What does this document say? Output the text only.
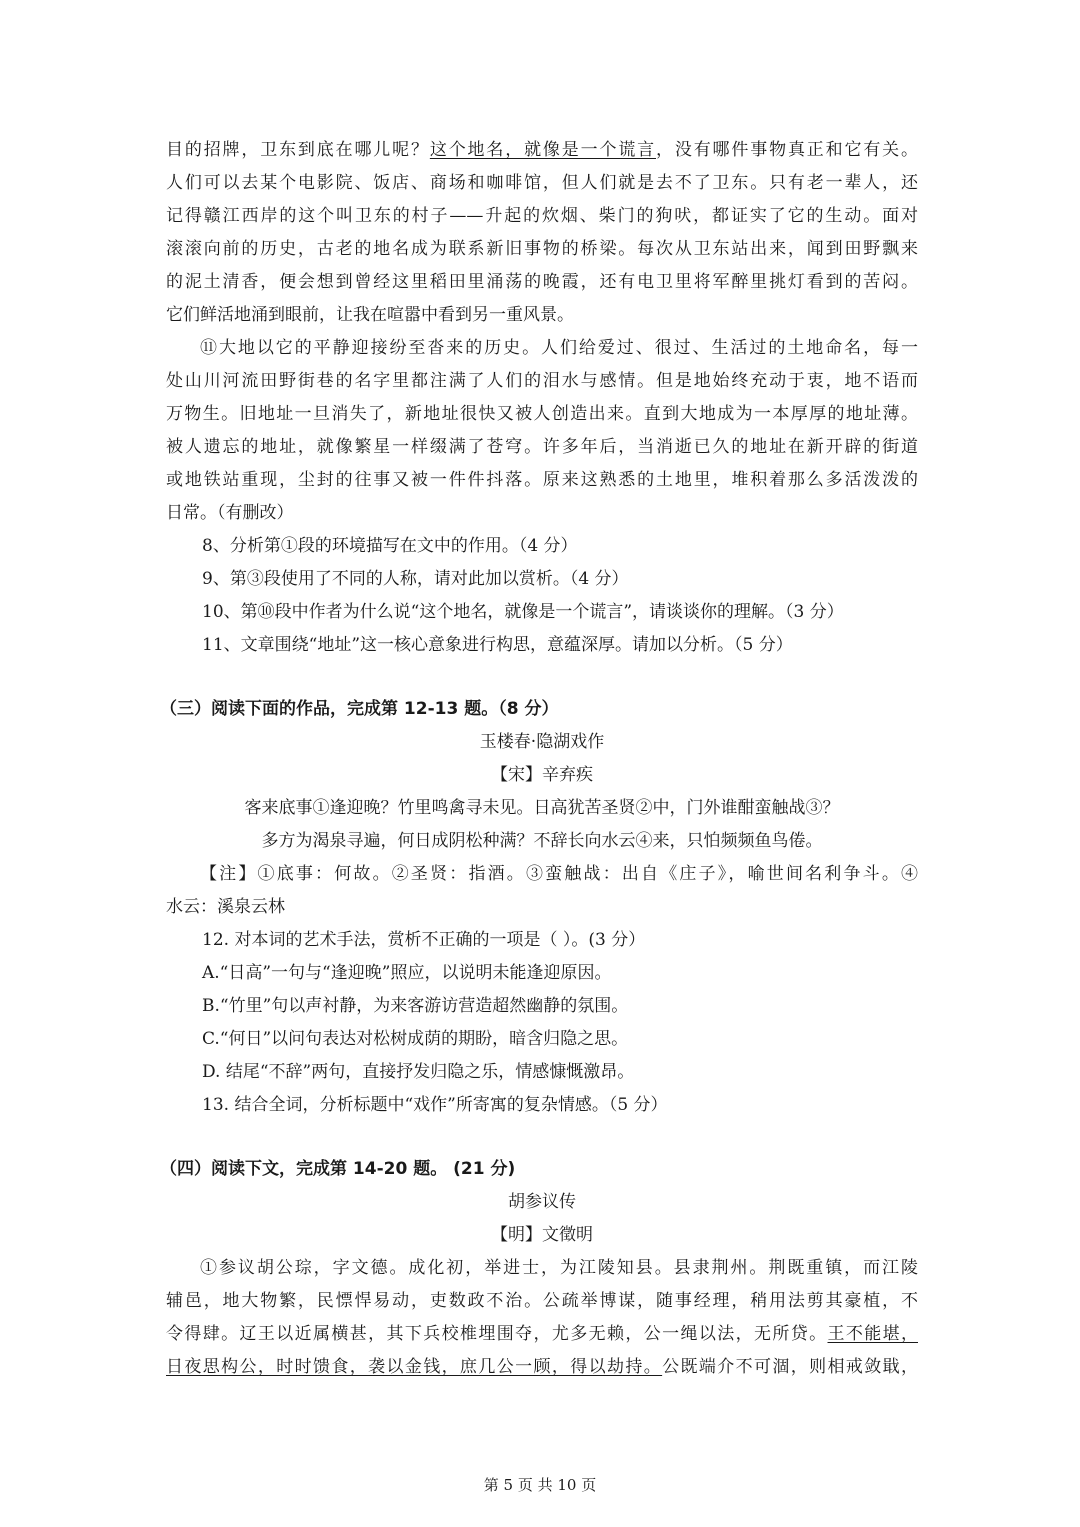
目的招牌，卫东到底在哪儿呢？这个地名，就像是一个谎言，没有哪件事物真正和它有关。
人们可以去某个电影院、饭店、商场和咖啡馆，但人们就是去不了卫东。只有老一辈人，还
记得赣江西岸的这个叫卫东的村子——升起的炊烟、柴门的狗吠，都证实了它的生动。面对
滚滚向前的历史，古老的地名成为联系新旧事物的桥梁。每次从卫东站出来，闻到田野飘来
的泥土清香，便会想到曾经这里稻田里涌荡的晚霞，还有电卫里将军醉里挑灯看到的苦闷。
它们鲜活地涌到眼前，让我在喧嚣中看到另一重风景。
⑪大地以它的平静迎接纷至沓来的历史。人们给爱过、很过、生活过的土地命名，每一
处山川河流田野街巷的名字里都注满了人们的泪水与感情。但是地始终充动于衷，地不语而
万物生。旧地址一旦消失了，新地址很快又被人创造出来。直到大地成为一本厚厚的地址薄。
被人遗忘的地址，就像繁星一样缀满了苍穹。许多年后，当消逝已久的地址在新开辟的街道
或地铁站重现，尘封的往事又被一件件抖落。原来这熟悉的土地里，堆积着那么多活泼泼的
日常。（有删改）
8、分析第①段的环境描写在文中的作用。（4 分）
9、第③段使用了不同的人称，请对此加以赏析。（4 分）
10、第⑩段中作者为什么说“这个地名，就像是一个谎言”，请谈谈你的理解。（3 分）
11、文章围绕“地址”这一核心意象进行构思，意蕴深厚。请加以分析。（5 分）
（三）阅读下面的作品，完成第 12-13 题。（8 分）
玉楼春·隐湖戏作
【宋】辛弃疾
客来底事①逢迎晚？竹里鸣禽寻未见。日高犹苦圣贤②中，门外谁酣蛮触战③？
多方为渴泉寻遍，何日成阴松种满？不辞长向水云④来，只怕频频鱼鸟倦。
【注】①底事：何故。②圣贤：指酒。③蛮触战：出自《庄子》，喻世间名利争斗。④
水云：溪泉云林
12. 对本词的艺术手法，赏析不正确的一项是（ ）。(3 分）
A.“日高”一句与“逢迎晚”照应，以说明未能逢迎原因。
B.“竹里”句以声衬静，为来客游访营造超然幽静的氛围。
C.“何日”以问句表达对松树成荫的期盼，暗含归隐之思。
D. 结尾“不辞”两句，直接抒发归隐之乐，情感慷慨激昂。
13. 结合全词，分析标题中“戏作”所寄寓的复杂情感。（5 分）
（四）阅读下文，完成第 14-20 题。 (21 分)
胡参议传
【明】文徵明
①参议胡公琮，字文德。成化初，举进士，为江陵知县。县隶荆州。荆既重镇，而江陵
辅邑，地大物繁，民慓悍易动，吏数政不治。公疏举博谋，随事经理，稍用法剪其豪植，不
令得肆。辽王以近属横甚，其下兵校椎埋围夺，尤多无赖，公一绳以法，无所贷。王不能堪，
日夜思构公，时时馈食，袭以金钱，庶几公一顾，得以劫持。公既端介不可涸，则相戒敛戢，
第 5 页 共 10 页
